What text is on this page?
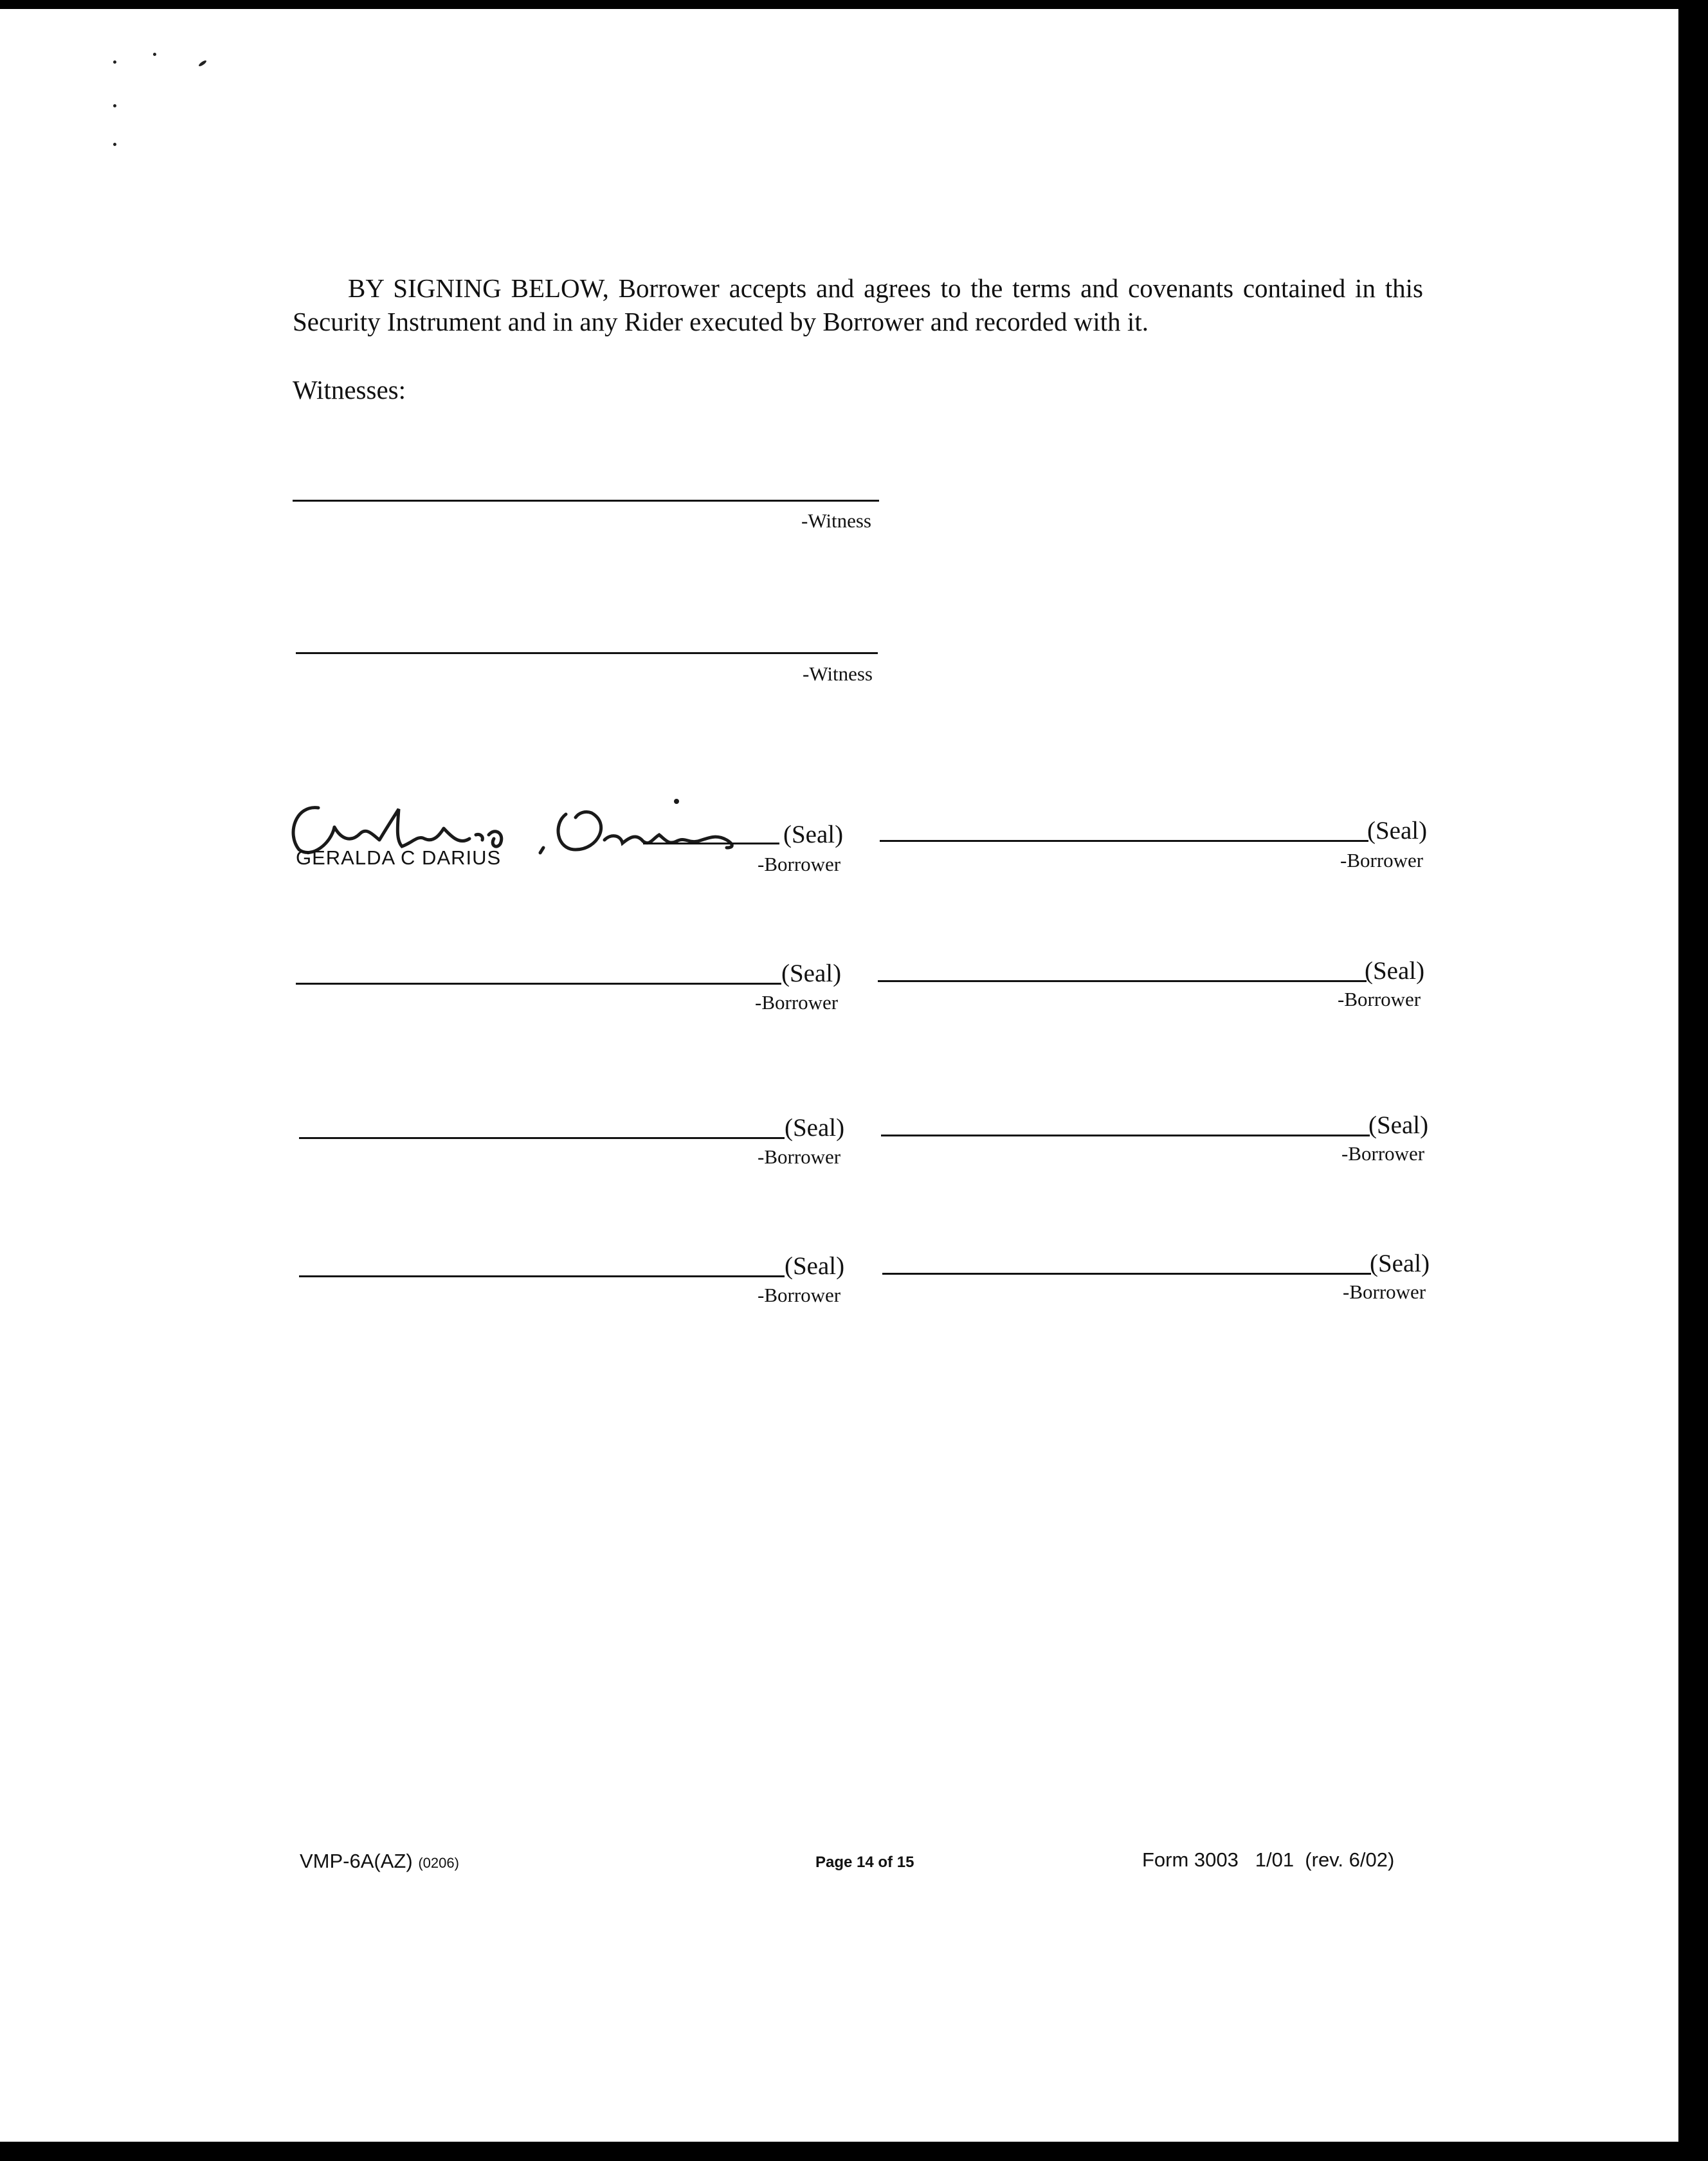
BY SIGNING BELOW, Borrower accepts and agrees to the terms and covenants contained in this Security Instrument and in any Rider executed by Borrower and recorded with it.

Witnesses:

-Witness
-Witness
(Seal)
GERALDA C DARIUS	-Borrower
(Seal)
-Borrower
(Seal)
-Borrower
(Seal)
-Borrower
(Seal)
-Borrower
(Seal)
-Borrower
(Seal)
-Borrower
(Seal)
-Borrower
VMP-6A(AZ) (0206)	Page 14 of 15	Form 3003   1/01  (rev. 6/02)
